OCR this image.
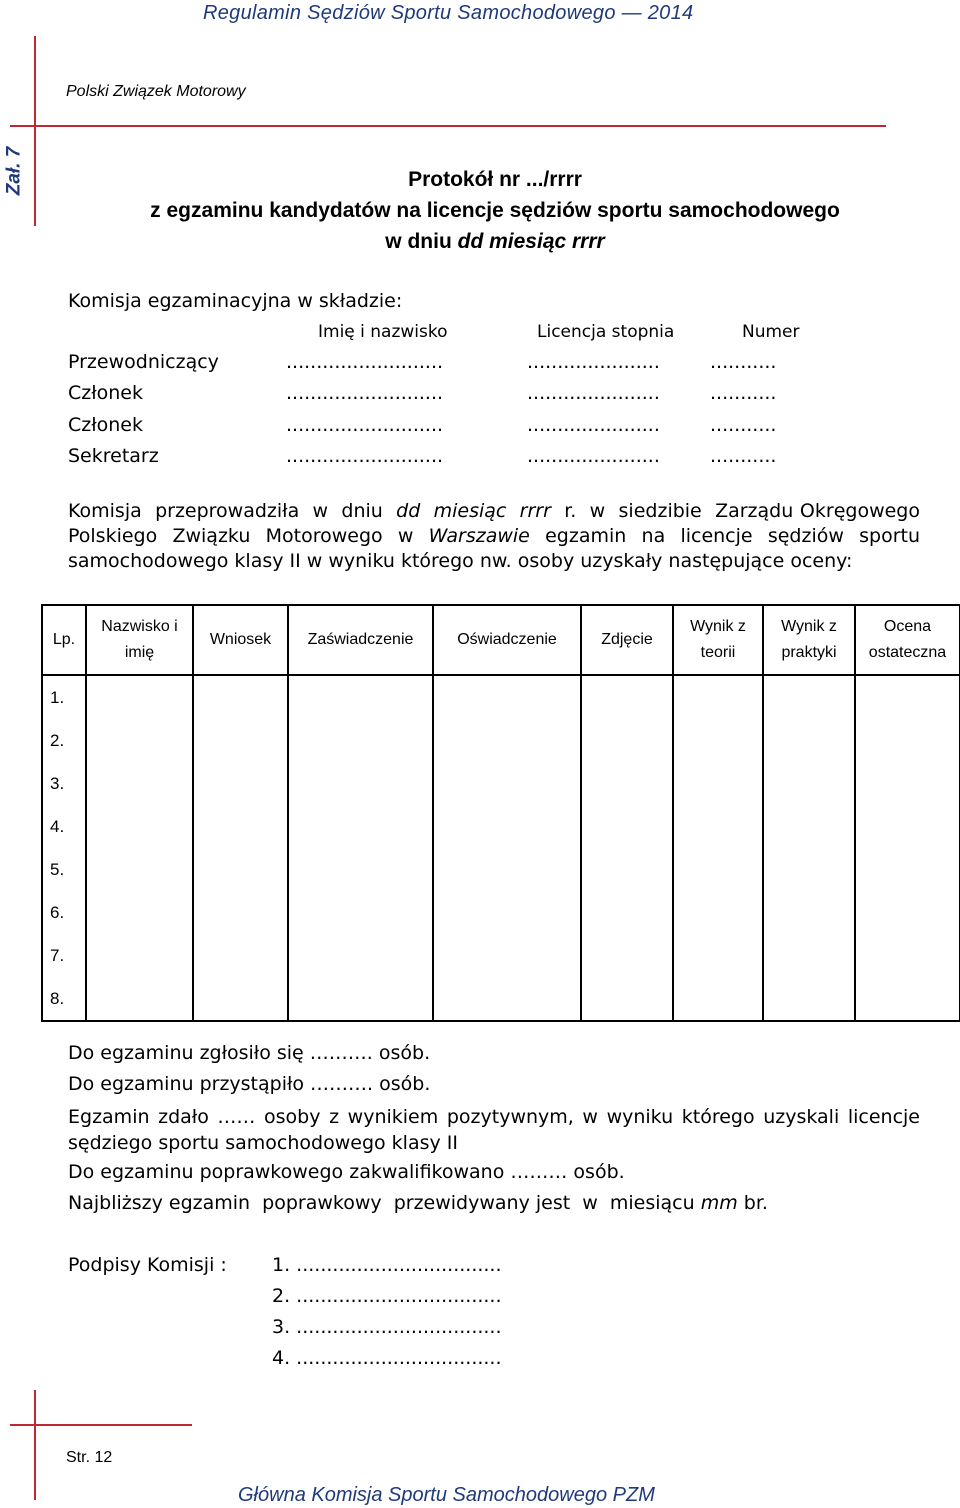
Regulamin Sędziów Sportu Samochodowego — 2014
Polski Związek Motorowy
Zał. 7	Protokół nr .../rrrr
z egzaminu kandydatów na licencje sędziów sportu samochodowego
w dniu dd miesiąc rrrr
Komisja egzaminacyjna w składzie:
Imię i nazwisko	Licencja stopnia	Numer
Przewodniczący	..........................	......................	...........
Członek	..........................	......................	...........
Członek	..........................	......................	...........
Sekretarz	..........................	......................	...........
Komisja  przeprowadziła  w  dniu  dd  miesiąc  rrrr  r.  w  siedzibie  Zarządu Okręgowego Polskiego Związku Motorowego w Warszawie egzamin na licencje sędziów sportu samochodowego klasy II w wyniku którego nw. osoby uzyskały następujące oceny:
Lp.	Nazwisko i imię	Wniosek	Zaświadczenie	Oświadczenie	Zdjęcie	Wynik z teorii	Wynik z praktyki	Ocena ostateczna
1.								
2.								
3.								
4.								
5.								
6.								
7.								
8.								
Do egzaminu zgłosiło się ………. osób.
Do egzaminu przystąpiło ………. osób.
Egzamin zdało …… osoby z wynikiem pozytywnym, w wyniku którego uzyskali licencje sędziego sportu samochodowego klasy II
Do egzaminu poprawkowego zakwalifikowano ……… osób.
Najbliższy egzamin  poprawkowy  przewidywany jest  w  miesiącu mm br.
Podpisy Komisji : 1. ..................................
2. ..................................
3. ..................................
4. ..................................
Str. 12
Główna Komisja Sportu Samochodowego PZM
